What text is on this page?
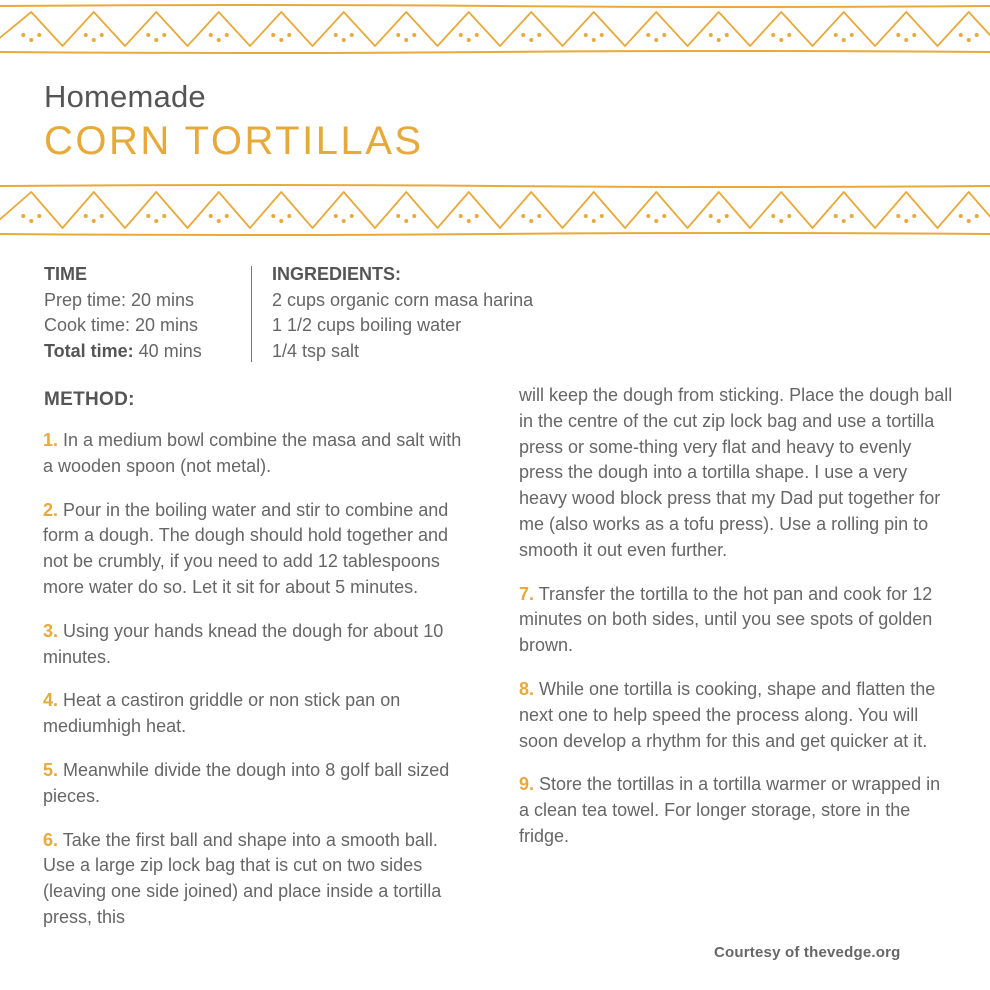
Homemade
CORN TORTILLAS
TIME
Prep time: 20 mins
Cook time: 20 mins
Total time: 40 mins
INGREDIENTS:
2 cups organic corn masa harina
1 1/2 cups boiling water
1/4 tsp salt
METHOD:
1. In a medium bowl combine the masa and salt with a wooden spoon (not metal).
2. Pour in the boiling water and stir to combine and form a dough. The dough should hold together and not be crumbly, if you need to add 12 tablespoons more water do so. Let it sit for about 5 minutes.
3. Using your hands knead the dough for about 10 minutes.
4. Heat a castiron griddle or non stick pan on mediumhigh heat.
5. Meanwhile divide the dough into 8 golf ball sized pieces.
6. Take the first ball and shape into a smooth ball. Use a large zip lock bag that is cut on two sides (leaving one side joined) and place inside a tortilla press, this
will keep the dough from sticking. Place the dough ball in the centre of the cut zip lock bag and use a tortilla press or some-thing very flat and heavy to evenly press the dough into a tortilla shape. I use a very heavy wood block press that my Dad put together for me (also works as a tofu press). Use a rolling pin to smooth it out even further.
7. Transfer the tortilla to the hot pan and cook for 12 minutes on both sides, until you see spots of golden brown.
8. While one tortilla is cooking, shape and flatten the next one to help speed the process along. You will soon develop a rhythm for this and get quicker at it.
9. Store the tortillas in a tortilla warmer or wrapped in a clean tea towel. For longer storage, store in the fridge.
Courtesy of thevedge.org
